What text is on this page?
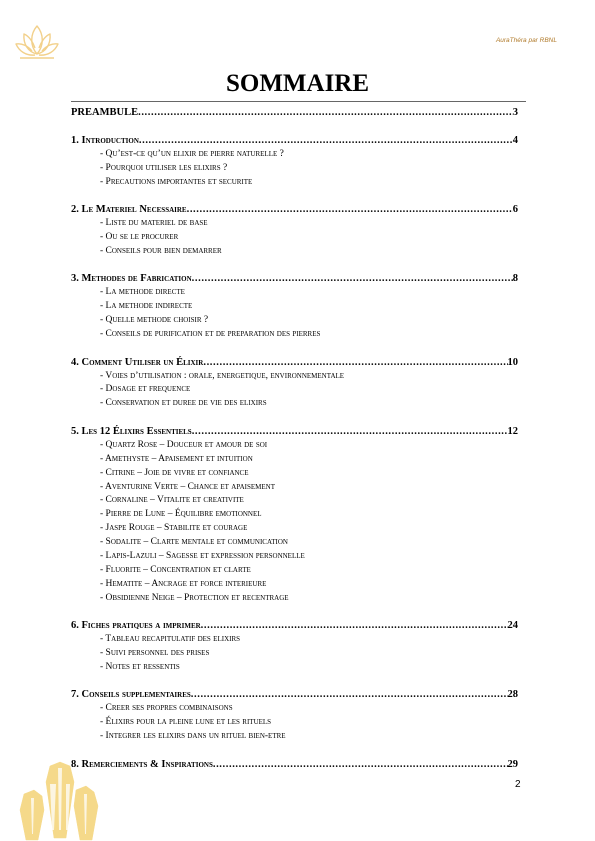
AuraThéra par RBNL
SOMMAIRE
PREAMBULE .....	3
1. Introduction .....	4
- Qu’est-ce qu’un elixir de pierre naturelle ?
- Pourquoi utiliser les elixirs ?
- Precautions importantes et securite
2. Le Materiel Necessaire .....	6
- Liste du materiel de base
- Ou se le procurer
- Conseils pour bien demarrer
3. Methodes de Fabrication .....	8
- La methode directe
- La methode indirecte
- Quelle methode choisir ?
- Conseils de purification et de preparation des pierres
4. Comment Utiliser un Élixir .....	10
- Voies d’utilisation : orale, energetique, environnementale
- Dosage et frequence
- Conservation et duree de vie des elixirs
5. Les 12 Élixirs Essentiels .....	12
- Quartz Rose – Douceur et amour de soi
- Amethyste – Apaisement et intuition
- Citrine – Joie de vivre et confiance
- Aventurine Verte – Chance et apaisement
- Cornaline – Vitalite et creativite
- Pierre de Lune – Équilibre emotionnel
- Jaspe Rouge – Stabilite et courage
- Sodalite – Clarte mentale et communication
- Lapis-Lazuli – Sagesse et expression personnelle
- Fluorite – Concentration et clarte
- Hematite – Ancrage et force interieure
- Obsidienne Neige – Protection et recentrage
6. Fiches pratiques a imprimer .....	24
- Tableau recapitulatif des elixirs
- Suivi personnel des prises
- Notes et ressentis
7. Conseils supplementaires .....	28
- Creer ses propres combinaisons
- Élixirs pour la pleine lune et les rituels
- Integrer les elixirs dans un rituel bien-etre
8. Remerciements & Inspirations .....	29
2
